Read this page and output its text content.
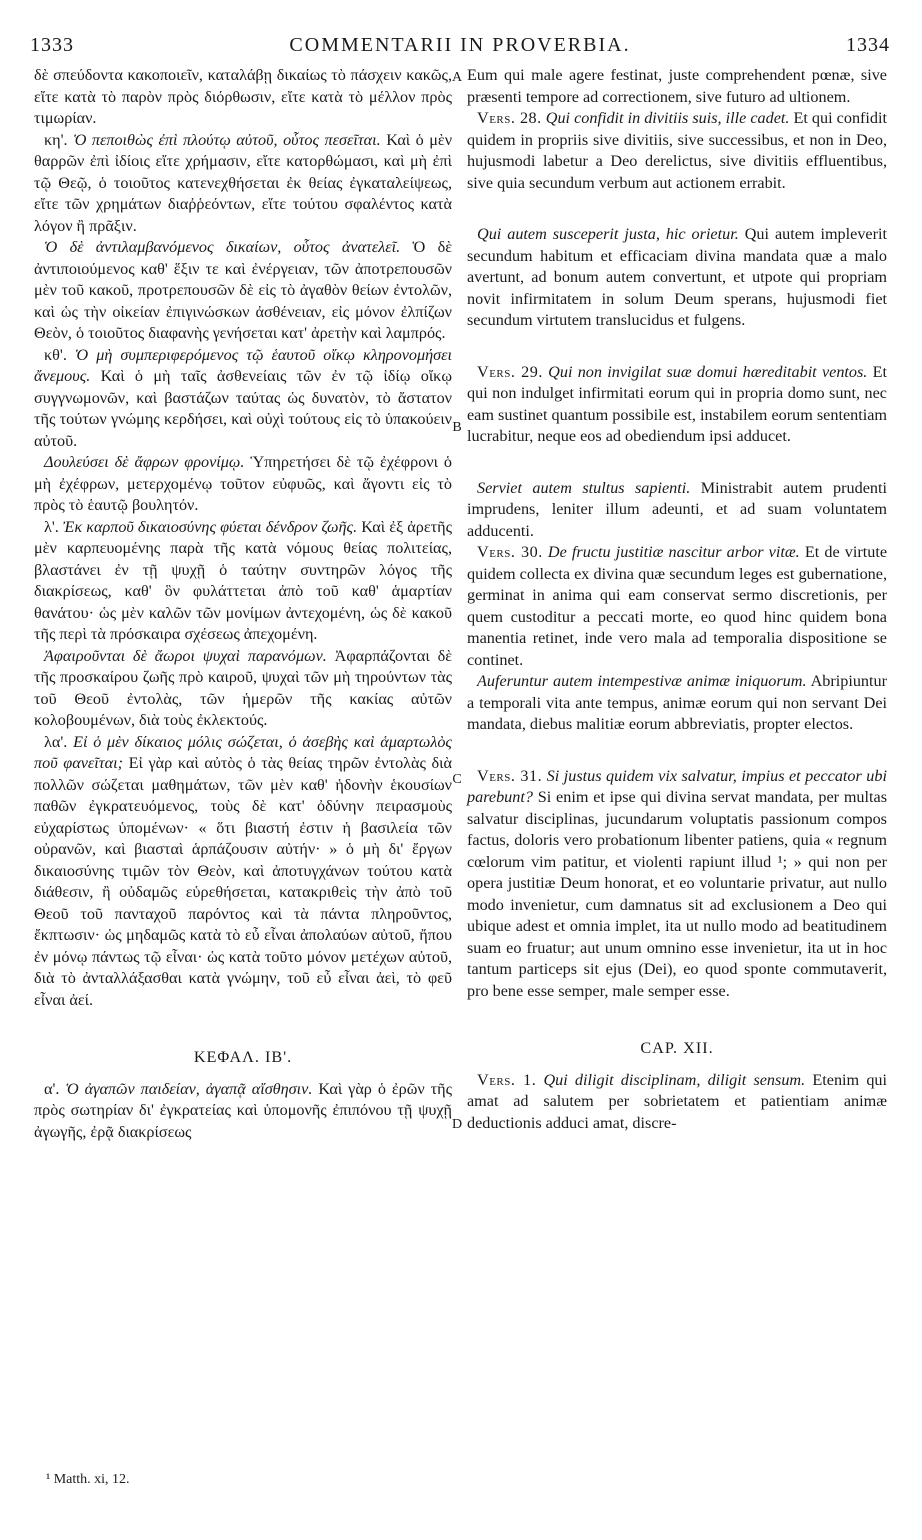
1333	COMMENTARII IN PROVERBIA.	1334
A
B
C
D

δὲ σπεύδοντα κακοποιεῖν, καταλάβῃ δικαίως τὸ πάσχειν κακῶς, εἴτε κατὰ τὸ παρὸν πρὸς διόρθωσιν, εἴτε κατὰ τὸ μέλλον πρὸς τιμωρίαν.

κη'. Ὁ πεποιθὼς ἐπὶ πλούτῳ αὐτοῦ, οὗτος πεσεῖται. Καὶ ὁ μὲν θαρρῶν ἐπὶ ἰδίοις εἴτε χρήμασιν, εἴτε κατορθώμασι, καὶ μὴ ἐπὶ τῷ Θεῷ, ὁ τοιοῦτος κατενεχθήσεται ἐκ θείας ἐγκαταλείψεως, εἴτε τῶν χρημάτων διαῤῥεόντων, εἴτε τούτου σφαλέντος κατὰ λόγον ἢ πρᾶξιν.

Ὁ δὲ ἀντιλαμβανόμενος δικαίων, οὗτος ἀνατελεῖ. Ὁ δὲ ἀντιποιούμενος καθ' ἕξιν τε καὶ ἐνέργειαν, τῶν ἀποτρεπουσῶν μὲν τοῦ κακοῦ, προτρεπουσῶν δὲ εἰς τὸ ἀγαθὸν θείων ἐντολῶν, καὶ ὡς τὴν οἰκείαν ἐπιγινώσκων ἀσθένειαν, εἰς μόνον ἐλπίζων Θεὸν, ὁ τοιοῦτος διαφανὴς γενήσεται κατ' ἀρετὴν καὶ λαμπρός.

κθ'. Ὁ μὴ συμπεριφερόμενος τῷ ἑαυτοῦ οἴκῳ κληρονομήσει ἄνεμους. Καὶ ὁ μὴ ταῖς ἀσθενείαις τῶν ἐν τῷ ἰδίῳ οἴκῳ συγγνωμονῶν, καὶ βαστάζων ταύτας ὡς δυνατὸν, τὸ ἄστατον τῆς τούτων γνώμης κερδήσει, καὶ οὐχὶ τούτους εἰς τὸ ὑπακούειν αὐτοῦ.

Δουλεύσει δὲ ἄφρων φρονίμῳ. Ὑπηρετήσει δὲ τῷ ἐχέφρονι ὁ μὴ ἐχέφρων, μετερχομένῳ τοῦτον εὐφυῶς, καὶ ἄγοντι εἰς τὸ πρὸς τὸ ἑαυτῷ βουλητόν.

λ'. Ἐκ καρποῦ δικαιοσύνης φύεται δένδρον ζωῆς. Καὶ ἐξ ἀρετῆς μὲν καρπευομένης παρὰ τῆς κατὰ νόμους θείας πολιτείας, βλαστάνει ἐν τῇ ψυχῇ ὁ ταύτην συντηρῶν λόγος τῆς διακρίσεως, καθ' ὃν φυλάττεται ἀπὸ τοῦ καθ' ἁμαρτίαν θανάτου· ὡς μὲν καλῶν τῶν μονίμων ἀντεχομένη, ὡς δὲ κακοῦ τῆς περὶ τὰ πρόσκαιρα σχέσεως ἀπεχομένη.

Ἀφαιροῦνται δὲ ἄωροι ψυχαὶ παρανόμων. Ἀφαρπάζονται δὲ τῆς προσκαίρου ζωῆς πρὸ καιροῦ, ψυχαὶ τῶν μὴ τηρούντων τὰς τοῦ Θεοῦ ἐντολὰς, τῶν ἡμερῶν τῆς κακίας αὐτῶν κολοβουμένων, διὰ τοὺς ἐκλεκτούς.

λα'. Εἰ ὁ μὲν δίκαιος μόλις σώζεται, ὁ ἀσεβὴς καὶ ἁμαρτωλὸς ποῦ φανεῖται; Εἰ γὰρ καὶ αὐτὸς ὁ τὰς θείας τηρῶν ἐντολὰς διὰ πολλῶν σώζεται μαθημάτων, τῶν μὲν καθ' ἡδονὴν ἑκουσίων παθῶν ἐγκρατευόμενος, τοὺς δὲ κατ' ὀδύνην πειρασμοὺς εὐχαρίστως ὑπομένων· « ὅτι βιαστή ἐστιν ἡ βασιλεία τῶν οὐρανῶν, καὶ βιασταὶ ἁρπάζουσιν αὐτήν· » ὁ μὴ δι' ἔργων δικαιοσύνης τιμῶν τὸν Θεὸν, καὶ ἀποτυγχάνων τούτου κατὰ διάθεσιν, ἢ οὐδαμῶς εὑρεθήσεται, κατακριθεὶς τὴν ἀπὸ τοῦ Θεοῦ τοῦ πανταχοῦ παρόντος καὶ τὰ πάντα πληροῦντος, ἔκπτωσιν· ὡς μηδαμῶς κατὰ τὸ εὖ εἶναι ἀπολαύων αὐτοῦ, ἤπου ἐν μόνῳ πάντως τῷ εἶναι· ὡς κατὰ τοῦτο μόνον μετέχων αὐτοῦ, διὰ τὸ ἀνταλλάξασθαι κατὰ γνώμην, τοῦ εὖ εἶναι ἀεὶ, τὸ φεῦ εἶναι ἀεί.

ΚΕΦΑΛ. ΙΒ'.

α'. Ὁ ἀγαπῶν παιδείαν, ἀγαπᾷ αἴσθησιν. Καὶ γὰρ ὁ ἐρῶν τῆς πρὸς σωτηρίαν δι' ἐγκρατείας καὶ ὑπομονῆς ἐπιπόνου τῇ ψυχῇ ἀγωγῆς, ἐρᾷ διακρίσεως

Eum qui male agere festinat, juste comprehendent pœnæ, sive præsenti tempore ad correctionem, sive futuro ad ultionem.

Vers. 28. Qui confidit in divitiis suis, ille cadet. Et qui confidit quidem in propriis sive divitiis, sive successibus, et non in Deo, hujusmodi labetur a Deo derelictus, sive divitiis effluentibus, sive quia secundum verbum aut actionem errabit.

Qui autem susceperit justa, hic orietur. Qui autem impleverit secundum habitum et efficaciam divina mandata quæ a malo avertunt, ad bonum autem convertunt, et utpote qui propriam novit infirmitatem in solum Deum sperans, hujusmodi fiet secundum virtutem translucidus et fulgens.

Vers. 29. Qui non invigilat suæ domui hæreditabit ventos. Et qui non indulget infirmitati eorum qui in propria domo sunt, nec eam sustinet quantum possibile est, instabilem eorum sententiam lucrabitur, neque eos ad obediendum ipsi adducet.

Serviet autem stultus sapienti. Ministrabit autem prudenti imprudens, leniter illum adeunti, et ad suam voluntatem adducenti.

Vers. 30. De fructu justitiæ nascitur arbor vitæ. Et de virtute quidem collecta ex divina quæ secundum leges est gubernatione, germinat in anima qui eam conservat sermo discretionis, per quem custoditur a peccati morte, eo quod hinc quidem bona manentia retinet, inde vero mala ad temporalia dispositione se continet.

Auferuntur autem intempestivæ animæ iniquorum. Abripiuntur a temporali vita ante tempus, animæ eorum qui non servant Dei mandata, diebus malitiæ eorum abbreviatis, propter electos.

Vers. 31. Si justus quidem vix salvatur, impius et peccator ubi parebunt? Si enim et ipse qui divina servat mandata, per multas salvatur disciplinas, jucundarum voluptatis passionum compos factus, doloris vero probationum libenter patiens, quia « regnum cœlorum vim patitur, et violenti rapiunt illud ¹; » qui non per opera justitiæ Deum honorat, et eo voluntarie privatur, aut nullo modo invenietur, cum damnatus sit ad exclusionem a Deo qui ubique adest et omnia implet, ita ut nullo modo ad beatitudinem suam eo fruatur; aut unum omnino esse invenietur, ita ut in hoc tantum particeps sit ejus (Dei), eo quod sponte commutaverit, pro bene esse semper, male semper esse.

CAP. XII.

Vers. 1. Qui diligit disciplinam, diligit sensum. Etenim qui amat ad salutem per sobrietatem et patientiam animæ deductionis adduci amat, discre-

¹ Matth. xi, 12.
